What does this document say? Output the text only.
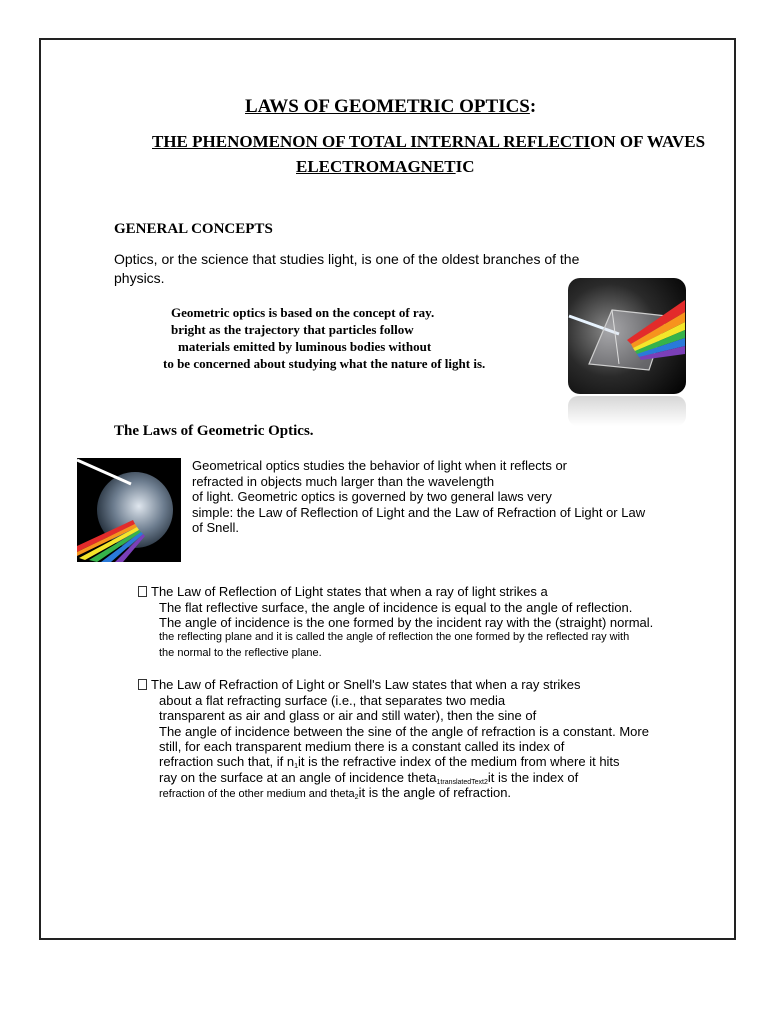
LAWS OF GEOMETRIC OPTICS:
THE PHENOMENON OF TOTAL INTERNAL REFLECTION OF WAVES
ELECTROMAGNETIC
GENERAL CONCEPTS
Optics, or the science that studies light, is one of the oldest branches of the
physics.
Geometric optics is based on the concept of ray.
bright as the trajectory that particles follow
materials emitted by luminous bodies without
to be concerned about studying what the nature of light is.
The Laws of Geometric Optics.
Geometrical optics studies the behavior of light when it reflects or
refracted in objects much larger than the wavelength
of light. Geometric optics is governed by two general laws very
simple: the Law of Reflection of Light and the Law of Refraction of Light or Law
of Snell.
The Law of Reflection of Light states that when a ray of light strikes a
The flat reflective surface, the angle of incidence is equal to the angle of reflection.
The angle of incidence is the one formed by the incident ray with the (straight) normal.
the reflecting plane and it is called the angle of reflection the one formed by the reflected ray with
the normal to the reflective plane.
The Law of Refraction of Light or Snell's Law states that when a ray strikes
about a flat refracting surface (i.e., that separates two media
transparent as air and glass or air and still water), then the sine of
The angle of incidence between the sine of the angle of refraction is a constant. More
still, for each transparent medium there is a constant called its index of
refraction such that, if $n_1it$ is the refractive index of the medium from where it hits
ray on the surface at an angle of incidence theta$_{1translatedText2}$it is the index of
refraction of the other medium and theta$_2$it is the angle of refraction.
